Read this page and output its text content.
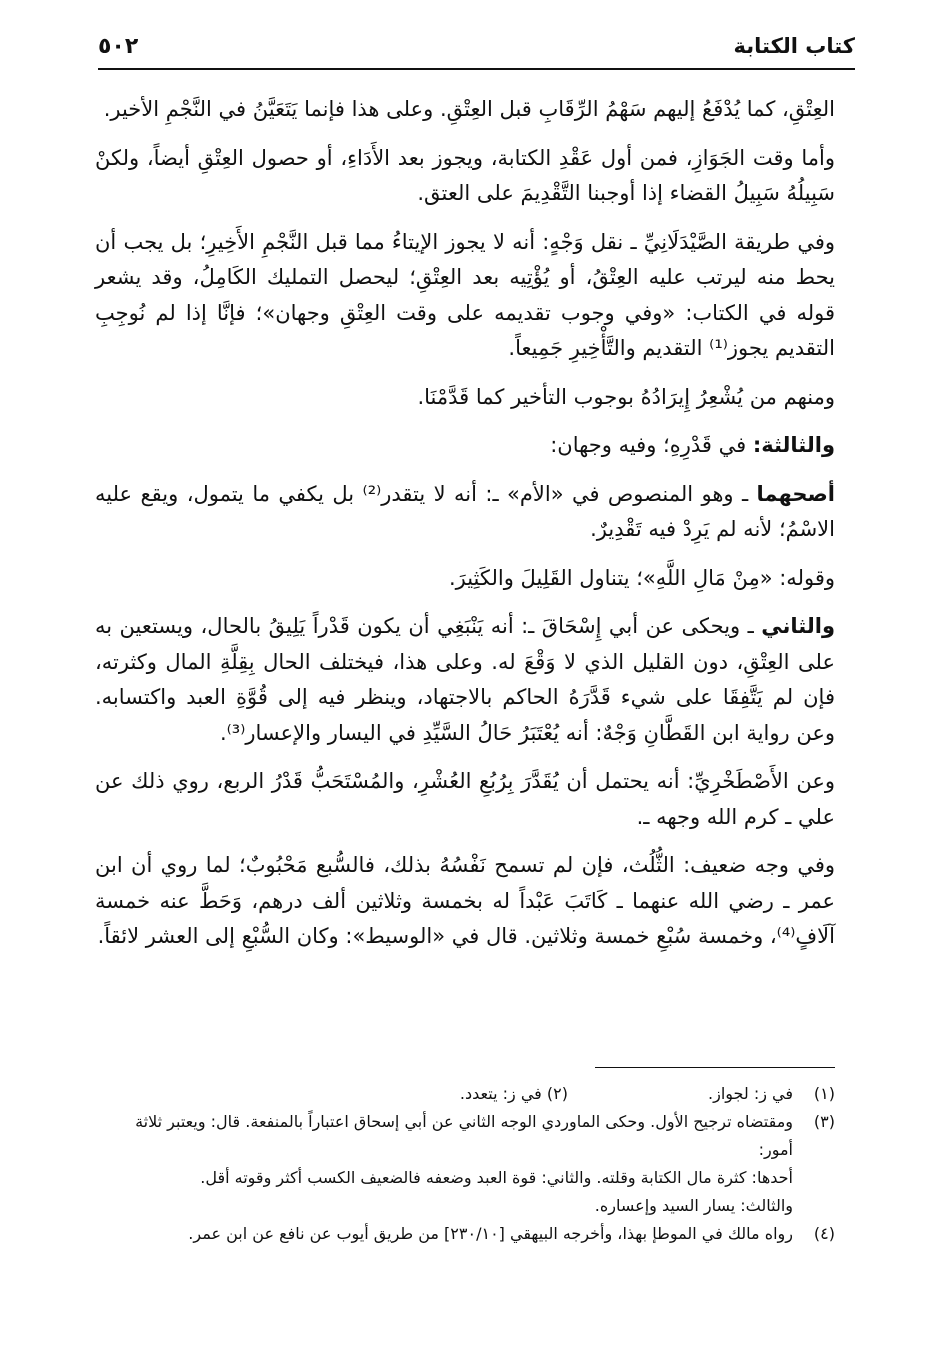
كتاب الكتابة
٥٠٢

العِتْقِ، كما يُدْفَعُ إليهم سَهْمُ الرِّقَابِ قبل العِتْقِ. وعلى هذا فإنما يَتَعَيَّنُ في النَّجْمِ الأخير.

وأما وقت الجَوَازِ، فمن أول عَقْدِ الكتابة، ويجوز بعد الأَدَاءِ، أو حصول العِتْقِ أيضاً، ولكنْ سَبِيلُهُ سَبِيلُ القضاء إذا أوجبنا التَّقْدِيمَ على العتق.

وفي طريقة الصَّيْدَلَانِيِّ ـ نقل وَجْهٍ: أنه لا يجوز الإيتاءُ مما قبل النَّجْمِ الأَخِيرِ؛ بل يجب أن يحط منه ليرتب عليه العِتْقُ، أو يُؤْتِيه بعد العِتْقِ؛ ليحصل التمليك الكَامِلُ، وقد يشعر قوله في الكتاب: «وفي وجوب تقديمه على وقت العِتْقِ وجهان»؛ فإنَّا إذا لم نُوجِبِ التقديم يجوز⁽¹⁾ التقديم والتَّأْخِيرِ جَمِيعاً.

ومنهم من يُشْعِرُ إِيرَادُهُ بوجوب التأخير كما قَدَّمْنَا.

والثالثة: في قَدْرِهِ؛ وفيه وجهان:

أصحهما ـ وهو المنصوص في «الأم» ـ: أنه لا يتقدر⁽²⁾ بل يكفي ما يتمول، ويقع عليه الاسْمُ؛ لأنه لم يَرِدْ فيه تَقْدِيرٌ.

وقوله: «مِنْ مَالِ اللَّهِ»؛ يتناول القَلِيلَ والكَثِيرَ.

والثاني ـ ويحكى عن أبي إِسْحَاقَ ـ: أنه يَنْبَغِي أن يكون قَدْراً يَلِيقُ بالحال، ويستعين به على العِتْقِ، دون القليل الذي لا وَقْعَ له. وعلى هذا، فيختلف الحال بِقِلَّةِ المال وكثرته، فإن لم يَتَّفِقَا على شيء قَدَّرَهُ الحاكم بالاجتهاد، وينظر فيه إلى قُوَّةِ العبد واكتسابه. وعن رواية ابن القَطَّانِ وَجْهٌ: أنه يُعْتَبَرُ حَالُ السَّيِّدِ في اليسار والإعسار⁽³⁾.

وعن الأَصْطَخْرِيِّ: أنه يحتمل أن يُقَدَّرَ بِرُبُعِ العُشْرِ، والمُسْتَحَبُّ قَدْرُ الربع، روي ذلك عن علي ـ كرم الله وجهه ـ.

وفي وجه ضعيف: الثُّلُث، فإن لم تسمح نَفْسُهُ بذلك، فالسُّبع مَحْبُوبٌ؛ لما روي أن ابن عمر ـ رضي الله عنهما ـ كَاتَبَ عَبْداً له بخمسة وثلاثين ألف درهم، وَحَطَّ عنه خمسة آلَافٍ⁽⁴⁾، وخمسة سُبْعِ خمسة وثلاثين. قال في «الوسيط»: وكان السُّبْعِ إلى العشر لائقاً.

(١)
في ز: لجواز.
(٢)

في ز: يتعدد.
(٣)
ومقتضاه ترجيح الأول. وحكى الماوردي الوجه الثاني عن أبي إسحاق اعتباراً بالمنفعة. قال: ويعتبر ثلاثة أمور:
أحدها: كثرة مال الكتابة وقلته. والثاني: قوة العبد وضعفه فالضعيف الكسب أكثر وقوته أقل.
والثالث: يسار السيد وإعساره.
(٤)
رواه مالك في الموطإ بهذا، وأخرجه البيهقي [٢٣٠/١٠] من طريق أيوب عن نافع عن ابن عمر.
